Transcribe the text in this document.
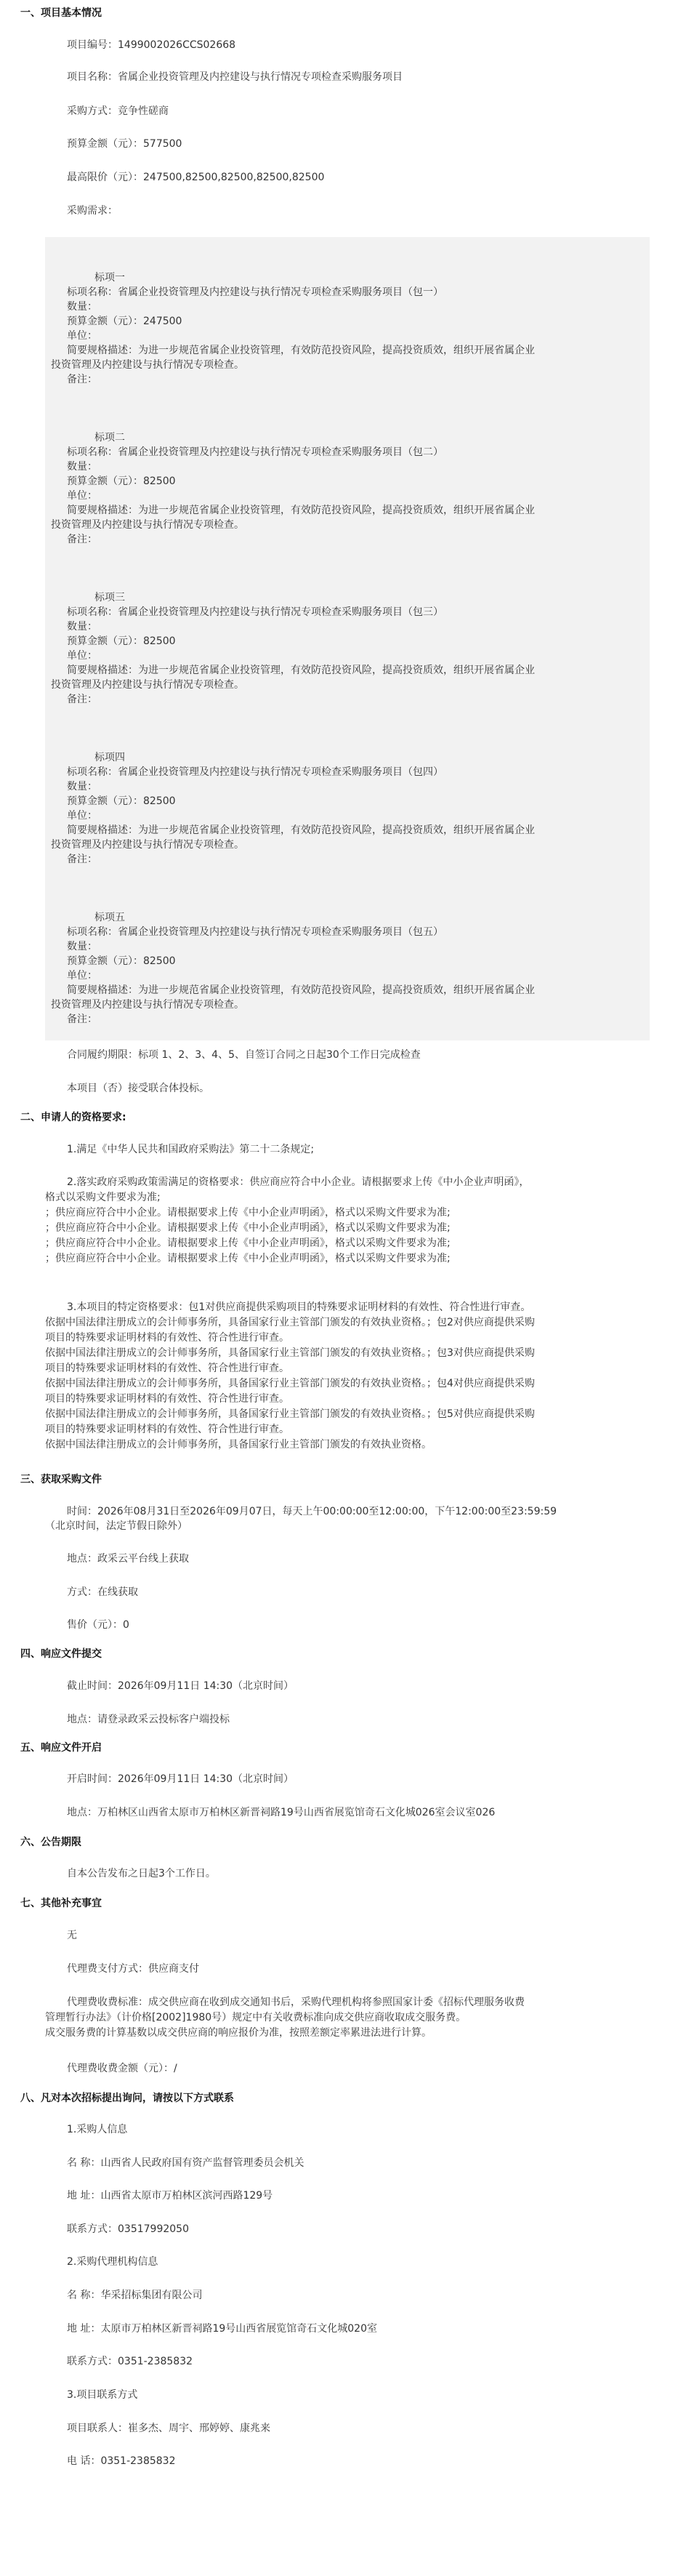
一、项目基本情况
项目编号：1499002026CCS02668
项目名称：省属企业投资管理及内控建设与执行情况专项检查采购服务项目
采购方式：竞争性磋商
预算金额（元）：577500
最高限价（元）：247500,82500,82500,82500,82500
采购需求：
标项一
标项名称：省属企业投资管理及内控建设与执行情况专项检查采购服务项目（包一）
数量：
预算金额（元）：247500
单位：
简要规格描述：为进一步规范省属企业投资管理，有效防范投资风险，提高投资质效，组织开展省属企业
投资管理及内控建设与执行情况专项检查。
备注：
标项二
标项名称：省属企业投资管理及内控建设与执行情况专项检查采购服务项目（包二）
数量：
预算金额（元）：82500
单位：
简要规格描述：为进一步规范省属企业投资管理，有效防范投资风险，提高投资质效，组织开展省属企业
投资管理及内控建设与执行情况专项检查。
备注：
标项三
标项名称：省属企业投资管理及内控建设与执行情况专项检查采购服务项目（包三）
数量：
预算金额（元）：82500
单位：
简要规格描述：为进一步规范省属企业投资管理，有效防范投资风险，提高投资质效，组织开展省属企业
投资管理及内控建设与执行情况专项检查。
备注：
标项四
标项名称：省属企业投资管理及内控建设与执行情况专项检查采购服务项目（包四）
数量：
预算金额（元）：82500
单位：
简要规格描述：为进一步规范省属企业投资管理，有效防范投资风险，提高投资质效，组织开展省属企业
投资管理及内控建设与执行情况专项检查。
备注：
标项五
标项名称：省属企业投资管理及内控建设与执行情况专项检查采购服务项目（包五）
数量：
预算金额（元）：82500
单位：
简要规格描述：为进一步规范省属企业投资管理，有效防范投资风险，提高投资质效，组织开展省属企业
投资管理及内控建设与执行情况专项检查。
备注：
合同履约期限：标项 1、2、3、4、5、自签订合同之日起30个工作日完成检查
本项目（否）接受联合体投标。
二、申请人的资格要求:
1.满足《中华人民共和国政府采购法》第二十二条规定;
2.落实政府采购政策需满足的资格要求：供应商应符合中小企业。请根据要求上传《中小企业声明函》，
格式以采购文件要求为准;
；供应商应符合中小企业。请根据要求上传《中小企业声明函》，格式以采购文件要求为准;
；供应商应符合中小企业。请根据要求上传《中小企业声明函》，格式以采购文件要求为准;
；供应商应符合中小企业。请根据要求上传《中小企业声明函》，格式以采购文件要求为准;
；供应商应符合中小企业。请根据要求上传《中小企业声明函》，格式以采购文件要求为准;
3.本项目的特定资格要求：包1对供应商提供采购项目的特殊要求证明材料的有效性、符合性进行审查。
依据中国法律注册成立的会计师事务所，具备国家行业主管部门颁发的有效执业资格。；包2对供应商提供采购
项目的特殊要求证明材料的有效性、符合性进行审查。
依据中国法律注册成立的会计师事务所，具备国家行业主管部门颁发的有效执业资格。；包3对供应商提供采购
项目的特殊要求证明材料的有效性、符合性进行审查。
依据中国法律注册成立的会计师事务所，具备国家行业主管部门颁发的有效执业资格。；包4对供应商提供采购
项目的特殊要求证明材料的有效性、符合性进行审查。
依据中国法律注册成立的会计师事务所，具备国家行业主管部门颁发的有效执业资格。；包5对供应商提供采购
项目的特殊要求证明材料的有效性、符合性进行审查。
依据中国法律注册成立的会计师事务所，具备国家行业主管部门颁发的有效执业资格。
三、获取采购文件
时间：2026年08月31日至2026年09月07日，每天上午00:00:00至12:00:00，下午12:00:00至23:59:59
（北京时间，法定节假日除外）
地点：政采云平台线上获取
方式：在线获取
售价（元）：0
四、响应文件提交
截止时间：2026年09月11日 14:30（北京时间）
地点：请登录政采云投标客户端投标
五、响应文件开启
开启时间：2026年09月11日 14:30（北京时间）
地点：万柏林区山西省太原市万柏林区新晋祠路19号山西省展览馆奇石文化城026室会议室026
六、公告期限
自本公告发布之日起3个工作日。
七、其他补充事宜
无
代理费支付方式：供应商支付
代理费收费标准：成交供应商在收到成交通知书后，采购代理机构将参照国家计委《招标代理服务收费
管理暂行办法》（计价格[2002]1980号）规定中有关收费标准向成交供应商收取成交服务费。
成交服务费的计算基数以成交供应商的响应报价为准，按照差额定率累进法进行计算。
代理费收费金额（元）：/
八、凡对本次招标提出询问，请按以下方式联系
1.采购人信息
名 称：山西省人民政府国有资产监督管理委员会机关
地 址：山西省太原市万柏林区滨河西路129号
联系方式：03517992050
2.采购代理机构信息
名 称：华采招标集团有限公司
地 址：太原市万柏林区新晋祠路19号山西省展览馆奇石文化城020室
联系方式：0351-2385832
3.项目联系方式
项目联系人：崔多杰、周宇、邢婷婷、康兆来
电 话：0351-2385832
